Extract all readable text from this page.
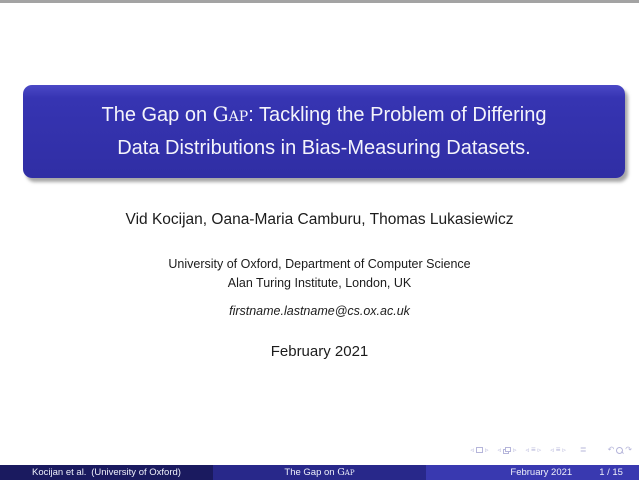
The Gap on Gap: Tackling the Problem of Differing
Data Distributions in Bias-Measuring Datasets.
Vid Kocijan, Oana-Maria Camburu, Thomas Lukasiewicz
University of Oxford, Department of Computer Science
Alan Turing Institute, London, UK
firstname.lastname@cs.ox.ac.uk
February 2021
◃ ▹ ◃ ▹ ◃ ≡ ▹ ◃ ≡ ▹ ≣	↶ ↷
Kocijan et al. (University of Oxford)	The Gap on Gap	February 2021	1 / 15
